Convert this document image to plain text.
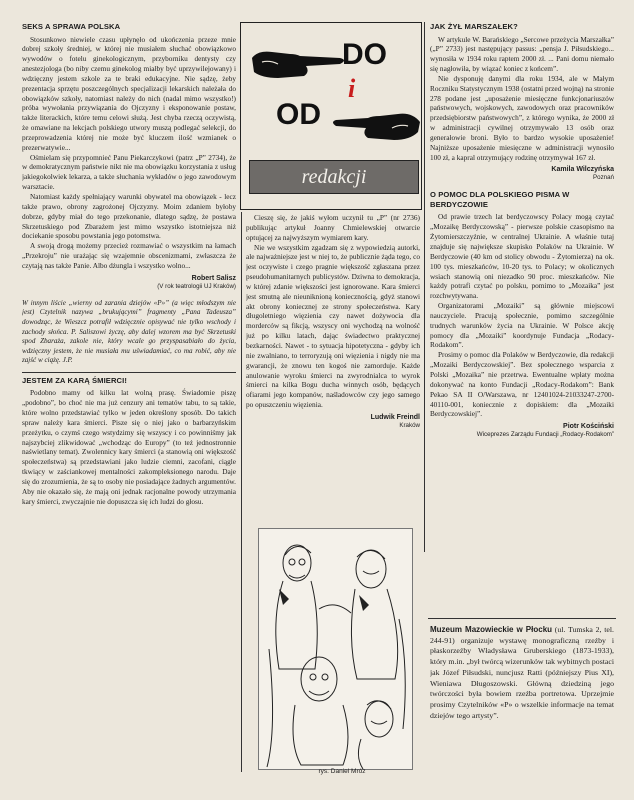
SEKS A SPRAWA POLSKA

Stosunkowo niewiele czasu upłynęło od ukończenia przeze mnie dobrej szkoły średniej, w której nie musiałem słuchać obowiązkowo wywodów o fotelu ginekologicznym, przyborniku dentysty czy anestezjologa (bo niby czemu ginekolog miałby być uprzywilejowany) i wdzięczny jestem szkole za te braki edukacyjne. Nie sądzę, żeby prezentacja sprzętu poszczególnych specjalizacji lekarskich należała do obowiązków szkoły, natomiast należy do nich (nadal mimo wszystko!) próba wywołania przywiązania do Ojczyzny i eksponowanie postaw, także literackich, które temu celowi służą. Jest chyba rzeczą oczywistą, że omawiane na lekcjach polskiego utwory muszą podlegać selekcji, do przeprowadzenia której nie może być kluczem ilość wzmianek o prezerwatywie...

Ośmielam się przypomnieć Panu Piekarczykowi (patrz „P” 2734), że w demokratycznym państwie nikt nie ma obowiązku korzystania z usług jakiegokolwiek lekarza, a także słuchania wykładów o jego zawodowym warsztacie.

Natomiast każdy spełniający warunki obywatel ma obowiązek - lecz także prawo, obrony zagrożonej Ojczyzny. Moim zdaniem byłoby dobrze, gdyby miał do tego przekonanie, dlatego sądzę, że postawa Skrzetuskiego pod Zbarażem jest mimo wszystko istotniejsza niż dociekanie sposobu powstania jego potomstwa.

A swoją drogą możemy przecież rozmawiać o wszystkim na łamach „Przekroju” nie urażając się wzajemnie obscenizmami, zwłaszcza że czytają nas także Panie. Albo dżungla i wszystko wolno...

Robert Salisz
(V rok teatrologii UJ Kraków)
W innym liście „wierny od zarania dziejów «P»” (a więc młodszym nie jest) Czytelnik nazywa „brukującymi” fragmenty „Pana Tadeusza” dowodząc, że Wieszcz potrafił wdzięcznie opisywać nie tylko wschody i zachody słońca. P. Saliszowi życzę, aby dalej wzorem ma być Skrzetuski spod Zbaraża, zakole nie, który wcale go przyspasabiało do życia, wdzięczny jestem, że nie musiała mu uświadamiać, co ma robić, aby nie zajść w ciążę. J.P.
JESTEM ZA KARĄ ŚMIERCI!

Podobno mamy od kilku lat wolną prasę. Świadomie piszę „podobno”, bo choć nie ma już cenzury ani tematów tabu, to są takie, które wolno przedstawiać tylko w jeden określony sposób. Do takich spraw należy kara śmierci. Pisze się o niej jako o barbarzyńskim przeżytku, o czymś czego wstydzimy się wszyscy i co powinniśmy jak najszybciej zlikwidować „wchodząc do Europy” (to też jednostronnie naświetlany temat). Zwolennicy kary śmierci (a stanowią oni większość społeczeństwa) są przedstawiani jako ludzie ciemni, zacofani, ciągle tkwiący w zaściankowej mentalności zakompleksionego narodu. Daje się do zrozumienia, że są to osoby nie posiadające żadnych argumentów. Aby nie okazało się, że mają oni jednak racjonalne powody utrzymania kary śmierci, zwyczajnie nie dopuszcza się ich ludzi do głosu.

DO
i
OD
redakcji

Cieszę się, że jakiś wyłom uczynił tu „P” (nr 2736) publikując artykuł Joanny Chmielewskiej otwarcie optującej za najwyższym wymiarem kary.

Nie we wszystkim zgadzam się z wypowiedzią autorki, ale najważniejsze jest w niej to, że publicznie żąda tego, co jest oczywiste i czego pragnie większość zgłaszana przez pseudohumanitarnych publicystów. Dziwna to demokracja, w której zdanie większości jest ignorowane. Kara śmierci jest smutną ale nieuniknioną koniecznością, gdyż stanowi akt obrony koniecznej ze strony społeczeństwa. Kary długoletniego więzienia czy nawet dożywocia dla morderców są fikcją, wszyscy oni wychodzą na wolność już po kilku latach, dając świadectwo praktycznej bezkarności. Nawet - to sytuacja hipotetyczna - gdyby ich nie zwalniano, to terroryzują oni więzienia i nigdy nie ma gwarancji, że znowu ten kogoś nie zamorduje. Każde anulowanie wyroku śmierci na zwyrodnialca to wyrok śmierci na kilka Bogu ducha winnych osób, będących ofiarami jego kompanów, naśladowców czy jego samego po opuszczeniu więzienia.

Ludwik Freindl
Kraków
rys. Daniel Mróz
JAK ŻYŁ MARSZAŁEK?

W artykule W. Barańskiego „Sercowe przeżycia Marszałka” („P” 2733) jest następujący passus: „pensja J. Piłsudskiego... wynosiła w 1934 roku raptem 2000 zł. ... Pani domu niemało się nagłowiła, by wiązać koniec z końcem”.

Nie dysponuję danymi dla roku 1934, ale w Małym Roczniku Statystycznym 1938 (ostatni przed wojną) na stronie 278 podane jest „uposażenie miesięczne funkcjonariuszów państwowych, wojskowych, zawodowych oraz pracowników przedsiębiorstw państwowych”, z którego wynika, że 2000 zł w administracji cywilnej otrzymywało 13 osób oraz generałowie broni. Było to bardzo wysokie uposażenie! Najniższe uposażenie miesięczne w administracji wynosiło 100 zł, a kapral otrzymujący rodzinę otrzymywał 167 zł.

Kamila Wilczyńska
Poznań
O POMOC DLA POLSKIEGO PISMA W BERDYCZOWIE

Od prawie trzech lat berdyczowscy Polacy mogą czytać „Mozaikę Berdyczowską” - pierwsze polskie czasopismo na Żytomierszczyźnie, w centralnej Ukrainie. A właśnie tutaj znajduje się największe skupisko Polaków na Ukrainie. W Berdyczowie (40 km od stolicy obwodu - Żytomierza) na ok. 100 tys. mieszkańców, 10-20 tys. to Polacy; w okolicznych wsiach stanowią oni niezadko 90 proc. mieszkańców. Nie każdy potrafi czytać po polsku, pomimo to „Mozaika” jest rozchwytywana.

Organizatorami „Mozaiki” są głównie miejscowi nauczyciele. Pracują społecznie, pomimo szczególnie trudnych warunków życia na Ukrainie. W Polsce akcję pomocy dla „Mozaiki” koordynuje Fundacja „Rodacy-Rodakom”.

Prosimy o pomoc dla Polaków w Berdyczowie, dla redakcji „Mozaiki Berdyczowskiej”. Bez społecznego wsparcia z Polski „Mozaika” nie przetrwa. Ewentualne wpłaty można dokonywać na konto Fundacji „Rodacy-Rodakom”: Bank Pekao SA II O/Warszawa, nr 12401024-21033247-2700-40110-001, koniecznie z dopiskiem: dla „Mozaiki Berdyczowskiej”.

Piotr Kościński
Wiceprezes Zarządu Fundacji „Rodacy-Rodakom”

Muzeum Mazowieckie w Płocku (ul. Tumska 2, tel. 244-91) organizuje wystawę monograficzną rzeźby i płaskorzeźby Władysława Gruberskiego (1873-1933), który m.in. „był twórcą wizerunków tak wybitnych postaci jak Józef Piłsudski, nuncjusz Ratti (późniejszy Pius XI), Wieniawa Długoszowski. Główną dziedziną jego twórczości była bowiem rzeźba portretowa. Uprzejmie prosimy Czytelników «P» o wszelkie informacje na temat dziejów tego artysty”.
